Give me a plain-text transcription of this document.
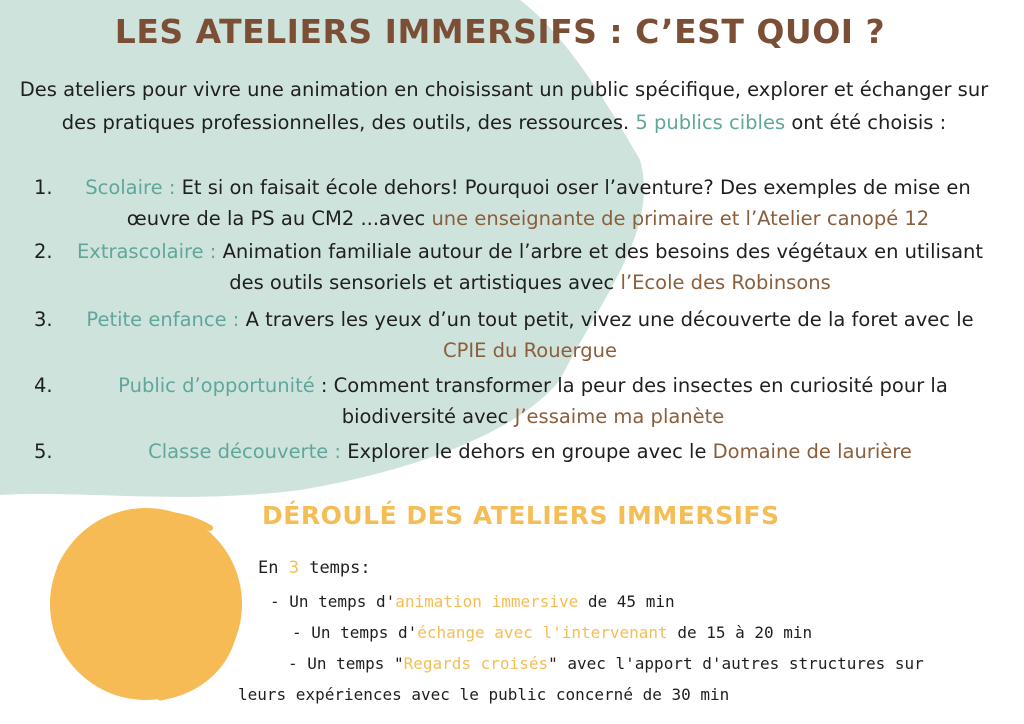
LES ATELIERS IMMERSIFS : C’EST QUOI ?
Des ateliers pour vivre une animation en choisissant un public spécifique, explorer et échanger sur des pratiques professionnelles, des outils, des ressources. 5 publics cibles ont été choisis :
1.	Scolaire : Et si on faisait école dehors! Pourquoi oser l’aventure? Des exemples de mise en œuvre de la PS au CM2 ...avec une enseignante de primaire et l’Atelier canopé 12
2.	Extrascolaire : Animation familiale autour de l’arbre et des besoins des végétaux en utilisant des outils sensoriels et artistiques avec l’Ecole des Robinsons
3.	Petite enfance : A travers les yeux d’un tout petit, vivez une découverte de la foret avec le CPIE du Rouergue
4.	Public d’opportunité : Comment transformer la peur des insectes en curiosité pour la biodiversité avec J’essaime ma planète
5.	Classe découverte : Explorer le dehors en groupe avec le Domaine de laurière
DÉROULÉ DES ATELIERS IMMERSIFS
En 3 temps:
- Un temps d'animation immersive de 45 min
- Un temps d'échange avec l'intervenant de 15 à 20 min
- Un temps "Regards croisés" avec l'apport d'autres structures sur
leurs expériences avec le public concerné de 30 min
